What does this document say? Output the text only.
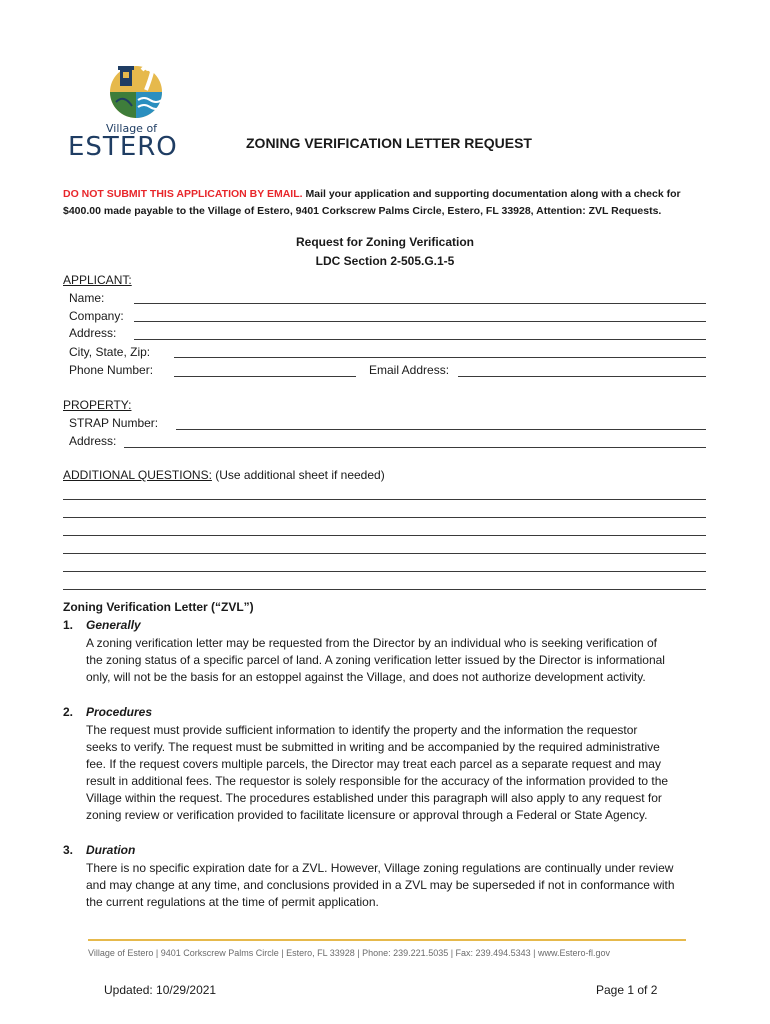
Village of
ESTERO	ZONING VERIFICATION LETTER REQUEST
DO NOT SUBMIT THIS APPLICATION BY EMAIL. Mail your application and supporting documentation along with a check for
$400.00 made payable to the Village of Estero, 9401 Corkscrew Palms Circle, Estero, FL 33928, Attention: ZVL Requests.
Request for Zoning Verification
LDC Section 2-505.G.1-5
APPLICANT:
Name:
Company:
Address:
City, State, Zip:
Phone Number:	Email Address:
PROPERTY:
STRAP Number:
Address:
ADDITIONAL QUESTIONS: (Use additional sheet if needed)
Zoning Verification Letter (“ZVL”)
1. Generally
A zoning verification letter may be requested from the Director by an individual who is seeking verification of
the zoning status of a specific parcel of land. A zoning verification letter issued by the Director is informational
only, will not be the basis for an estoppel against the Village, and does not authorize development activity.
2. Procedures
The request must provide sufficient information to identify the property and the information the requestor
seeks to verify. The request must be submitted in writing and be accompanied by the required administrative
fee. If the request covers multiple parcels, the Director may treat each parcel as a separate request and may
result in additional fees. The requestor is solely responsible for the accuracy of the information provided to the
Village within the request. The procedures established under this paragraph will also apply to any request for
zoning review or verification provided to facilitate licensure or approval through a Federal or State Agency.
3. Duration
There is no specific expiration date for a ZVL. However, Village zoning regulations are continually under review
and may change at any time, and conclusions provided in a ZVL may be superseded if not in conformance with
the current regulations at the time of permit application.
Village of Estero | 9401 Corkscrew Palms Circle | Estero, FL 33928 | Phone: 239.221.5035 | Fax: 239.494.5343 | www.Estero-fl.gov
Updated: 10/29/2021	Page 1 of 2
